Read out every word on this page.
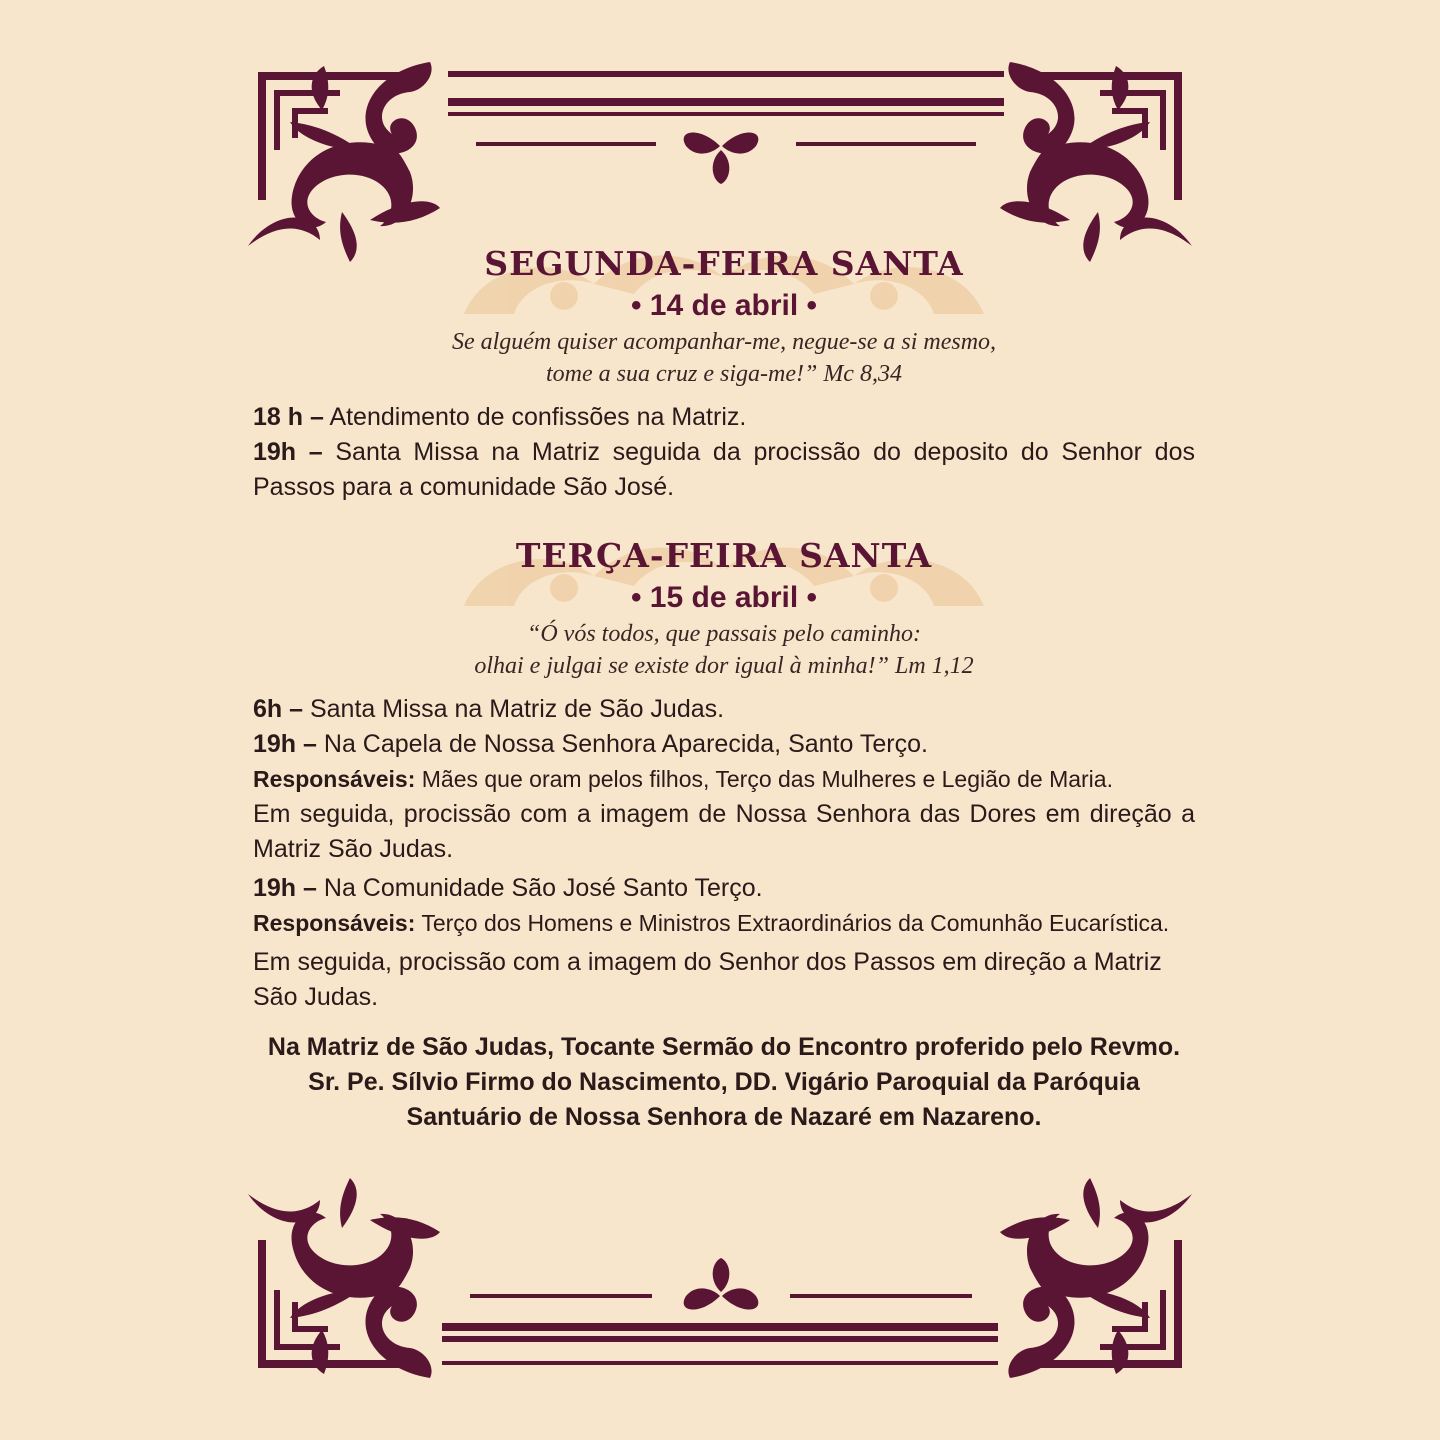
SEGUNDA-FEIRA SANTA
• 14 de abril •
Se alguém quiser acompanhar-me, negue-se a si mesmo,
tome a sua cruz e siga-me!” Mc 8,34
18 h – Atendimento de confissões na Matriz.
19h – Santa Missa na Matriz seguida da procissão do deposito do Senhor dos Passos para a comunidade São José.
TERÇA-FEIRA SANTA
• 15 de abril •
“Ó vós todos, que passais pelo caminho:
olhai e julgai se existe dor igual à minha!” Lm 1,12
6h – Santa Missa na Matriz de São Judas.
19h – Na Capela de Nossa Senhora Aparecida, Santo Terço.
Responsáveis: Mães que oram pelos filhos, Terço das Mulheres e Legião de Maria.
Em seguida, procissão com a imagem de Nossa Senhora das Dores em direção a Matriz São Judas.
19h – Na Comunidade São José Santo Terço.
Responsáveis: Terço dos Homens e Ministros Extraordinários da Comunhão Eucarística.
Em seguida, procissão com a imagem do Senhor dos Passos em direção a Matriz São Judas.
Na Matriz de São Judas, Tocante Sermão do Encontro proferido pelo Revmo.
Sr. Pe. Sílvio Firmo do Nascimento, DD. Vigário Paroquial da Paróquia
Santuário de Nossa Senhora de Nazaré em Nazareno.
